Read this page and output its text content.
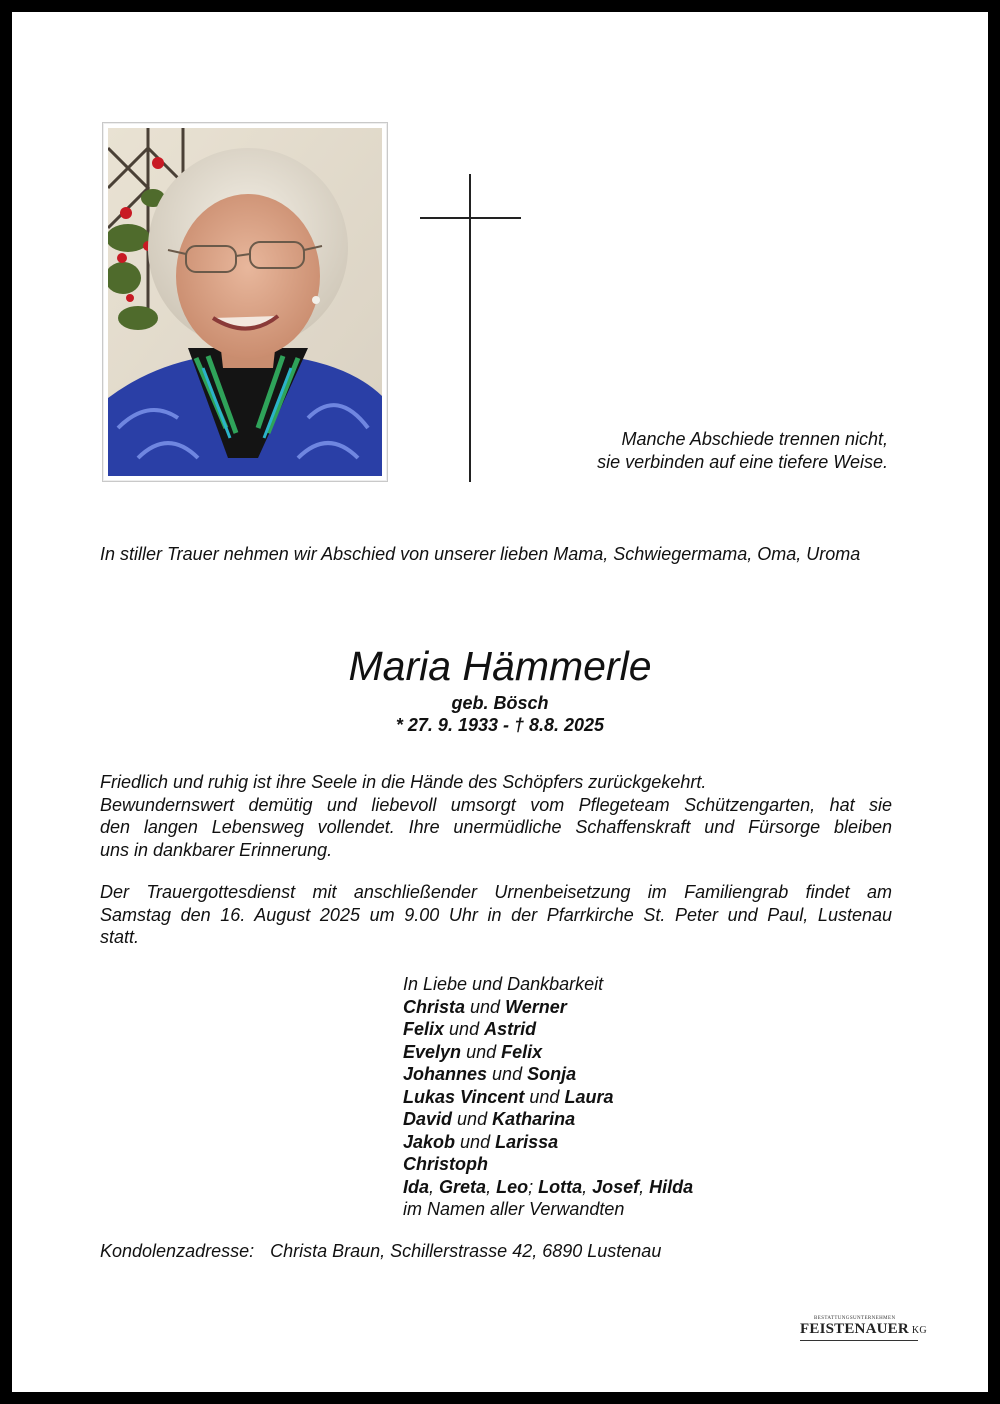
Manche Abschiede trennen nicht,
sie verbinden auf eine tiefere Weise.
In stiller Trauer nehmen wir Abschied von unserer lieben Mama, Schwiegermama, Oma, Uroma
Maria Hämmerle
geb. Bösch
* 27. 9. 1933 - † 8.8. 2025
Friedlich und ruhig ist ihre Seele in die Hände des Schöpfers zurückgekehrt.
Bewundernswert demütig und liebevoll umsorgt vom Pflegeteam Schützengarten, hat sie
den langen Lebensweg vollendet. Ihre unermüdliche Schaffenskraft und Fürsorge bleiben
uns in dankbarer Erinnerung.
Der Trauergottesdienst mit anschließender Urnenbeisetzung im Familiengrab findet am
Samstag den 16. August 2025 um 9.00 Uhr in der Pfarrkirche St. Peter und Paul, Lustenau
statt.
In Liebe und Dankbarkeit
Christa und Werner
Felix und Astrid
Evelyn und Felix
Johannes und Sonja
Lukas Vincent und Laura
David und Katharina
Jakob und Larissa
Christoph
Ida, Greta, Leo; Lotta, Josef, Hilda
im Namen aller Verwandten
Kondolenzadresse: Christa Braun, Schillerstrasse 42, 6890 Lustenau
BESTATTUNGSUNTERNEHMEN
FEISTENAUER KG
